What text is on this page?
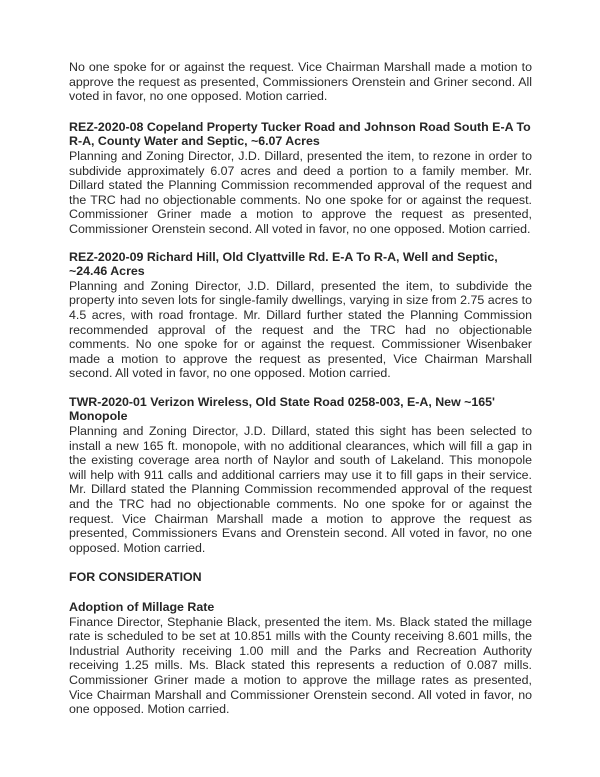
No one spoke for or against the request. Vice Chairman Marshall made a motion to approve the request as presented, Commissioners Orenstein and Griner second. All voted in favor, no one opposed. Motion carried.

REZ-2020-08 Copeland Property Tucker Road and Johnson Road South E-A To R-A, County Water and Septic, ~6.07 Acres

Planning and Zoning Director, J.D. Dillard, presented the item, to rezone in order to subdivide approximately 6.07 acres and deed a portion to a family member. Mr. Dillard stated the Planning Commission recommended approval of the request and the TRC had no objectionable comments. No one spoke for or against the request. Commissioner Griner made a motion to approve the request as presented, Commissioner Orenstein second. All voted in favor, no one opposed. Motion carried.

REZ-2020-09 Richard Hill, Old Clyattville Rd. E-A To R-A, Well and Septic, ~24.46 Acres

Planning and Zoning Director, J.D. Dillard, presented the item, to subdivide the property into seven lots for single-family dwellings, varying in size from 2.75 acres to 4.5 acres, with road frontage. Mr. Dillard further stated the Planning Commission recommended approval of the request and the TRC had no objectionable comments. No one spoke for or against the request. Commissioner Wisenbaker made a motion to approve the request as presented, Vice Chairman Marshall second. All voted in favor, no one opposed. Motion carried.

TWR-2020-01 Verizon Wireless, Old State Road 0258-003, E-A, New ~165' Monopole

Planning and Zoning Director, J.D. Dillard, stated this sight has been selected to install a new 165 ft. monopole, with no additional clearances, which will fill a gap in the existing coverage area north of Naylor and south of Lakeland. This monopole will help with 911 calls and additional carriers may use it to fill gaps in their service. Mr. Dillard stated the Planning Commission recommended approval of the request and the TRC had no objectionable comments. No one spoke for or against the request. Vice Chairman Marshall made a motion to approve the request as presented, Commissioners Evans and Orenstein second. All voted in favor, no one opposed. Motion carried.

FOR CONSIDERATION

Adoption of Millage Rate

Finance Director, Stephanie Black, presented the item. Ms. Black stated the millage rate is scheduled to be set at 10.851 mills with the County receiving 8.601 mills, the Industrial Authority receiving 1.00 mill and the Parks and Recreation Authority receiving 1.25 mills. Ms. Black stated this represents a reduction of 0.087 mills. Commissioner Griner made a motion to approve the millage rates as presented, Vice Chairman Marshall and Commissioner Orenstein second. All voted in favor, no one opposed. Motion carried.
